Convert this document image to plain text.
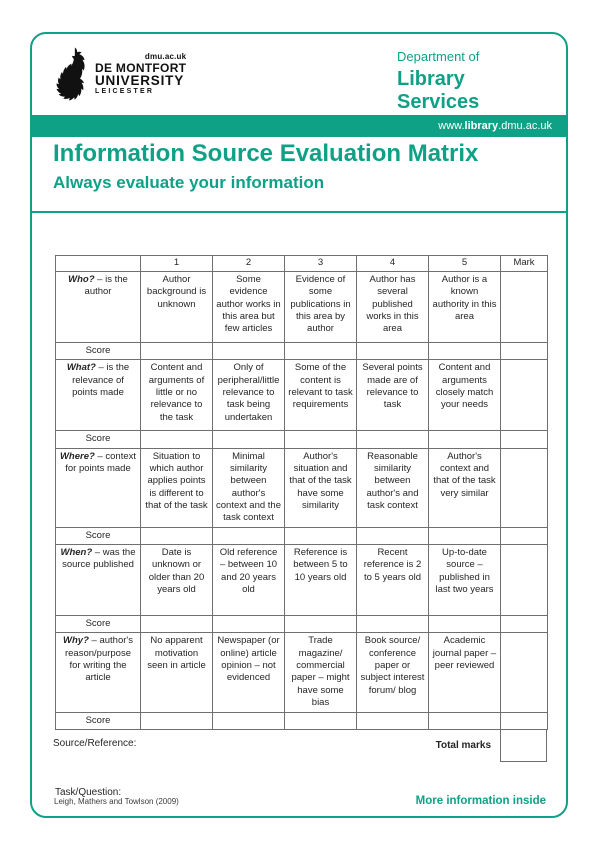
dmu.ac.uk
DE MONTFORT
UNIVERSITY
LEICESTER
Department of
Library Services
www.library.dmu.ac.uk
Information Source Evaluation Matrix
Always evaluate your information
	1	2	3	4	5	Mark
Who? – is the author	Author background is unknown	Some evidence author works in this area but few articles	Evidence of some publications in this area by author	Author has several published works in this area	Author is a known authority in this area	
Score						
What? – is the relevance of points made	Content and arguments of little or no relevance to the task	Only of peripheral/little relevance to task being undertaken	Some of the content is relevant to task requirements	Several points made are of relevance to task	Content and arguments closely match your needs	
Score						
Where? – context for points made	Situation to which author applies points is different to that of the task	Minimal similarity between author's context and the task context	Author's situation and that of the task have some similarity	Reasonable similarity between author's and task context	Author's context and that of the task very similar	
Score						
When? – was the source published	Date is unknown or older than 20 years old	Old reference – between 10 and 20 years old	Reference is between 5 to 10 years old	Recent reference is 2 to 5 years old	Up-to-date source – published in last two years	
Score						
Why? – author's reason/purpose for writing the article	No apparent motivation seen in article	Newspaper (or online) article opinion – not evidenced	Trade magazine/ commercial paper – might have some bias	Book source/ conference paper or subject interest forum/ blog	Academic journal paper – peer reviewed	
Score						
Source/Reference:	Total marks
Task/Question:
Leigh, Mathers and Towlson (2009)	More information inside
